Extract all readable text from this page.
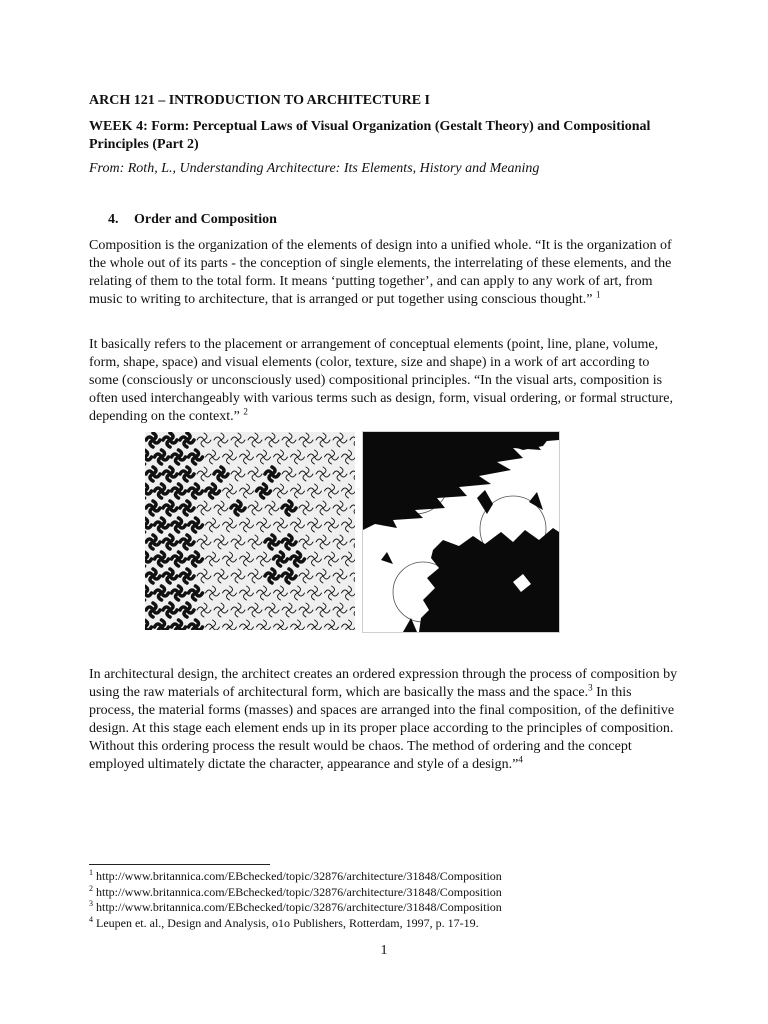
ARCH 121 – INTRODUCTION TO ARCHITECTURE I

WEEK 4: Form: Perceptual Laws of Visual Organization (Gestalt Theory) and Compositional Principles (Part 2)

From: Roth, L., Understanding Architecture: Its Elements, History and Meaning

4. Order and Composition

Composition is the organization of the elements of design into a unified whole. “It is the organization of the whole out of its parts - the conception of single elements, the interrelating of these elements, and the relating of them to the total form. It means ‘putting together’, and can apply to any work of art, from music to writing to architecture, that is arranged or put together using conscious thought.” $^1$

It basically refers to the placement or arrangement of conceptual elements (point, line, plane, volume, form, shape, space) and visual elements (color, texture, size and shape) in a work of art according to some (consciously or unconsciously used) compositional principles. “In the visual arts, composition is often used interchangeably with various terms such as design, form, visual ordering, or formal structure, depending on the context.” $^2$

In architectural design, the architect creates an ordered expression through the process of composition by using the raw materials of architectural form, which are basically the mass and the space.$^3$ In this process, the material forms (masses) and spaces are arranged into the final composition, of the definitive design. At this stage each element ends up in its proper place according to the principles of composition. Without this ordering process the result would be chaos. The method of ordering and the concept employed ultimately dictate the character, appearance and style of a design.”$^4$

$^1$ http://www.britannica.com/EBchecked/topic/32876/architecture/31848/Composition
$^2$ http://www.britannica.com/EBchecked/topic/32876/architecture/31848/Composition
$^3$ http://www.britannica.com/EBchecked/topic/32876/architecture/31848/Composition
$^4$ Leupen et. al., Design and Analysis, o1o Publishers, Rotterdam, 1997, p. 17-19.
1
